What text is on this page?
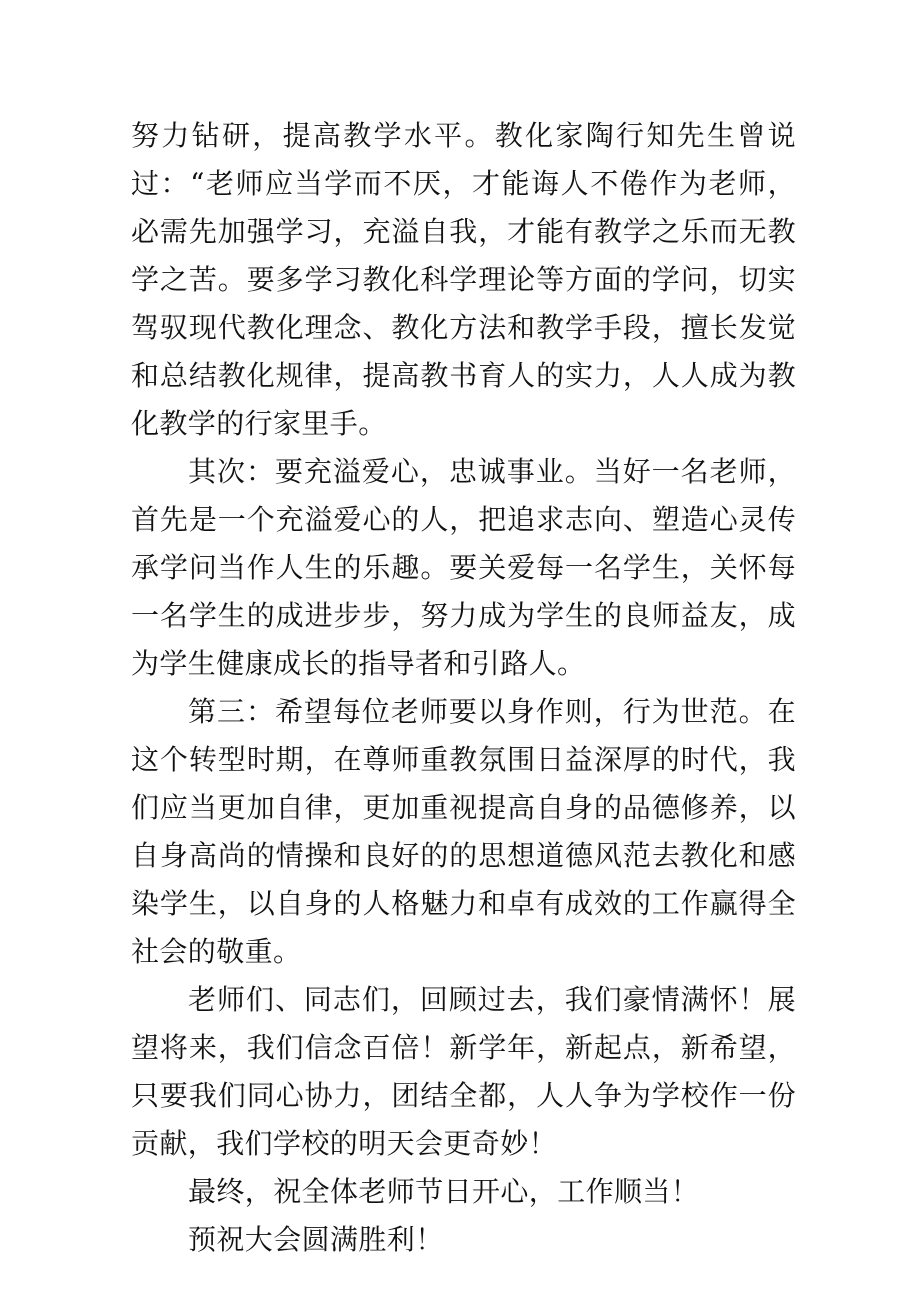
努力钻研，提高教学水平。教化家陶行知先生曾说过：“老师应当学而不厌，才能诲人不倦作为老师，必需先加强学习，充溢自我，才能有教学之乐而无教学之苦。要多学习教化科学理论等方面的学问，切实驾驭现代教化理念、教化方法和教学手段，擅长发觉和总结教化规律，提高教书育人的实力，人人成为教化教学的行家里手。

其次：要充溢爱心，忠诚事业。当好一名老师，首先是一个充溢爱心的人，把追求志向、塑造心灵传承学问当作人生的乐趣。要关爱每一名学生，关怀每一名学生的成进步步，努力成为学生的良师益友，成为学生健康成长的指导者和引路人。

第三：希望每位老师要以身作则，行为世范。在这个转型时期，在尊师重教氛围日益深厚的时代，我们应当更加自律，更加重视提高自身的品德修养，以自身高尚的情操和良好的的思想道德风范去教化和感染学生，以自身的人格魅力和卓有成效的工作赢得全社会的敬重。

老师们、同志们，回顾过去，我们豪情满怀！展望将来，我们信念百倍！新学年，新起点，新希望，只要我们同心协力，团结全都，人人争为学校作一份贡献，我们学校的明天会更奇妙！

最终，祝全体老师节日开心，工作顺当！

预祝大会圆满胜利！
